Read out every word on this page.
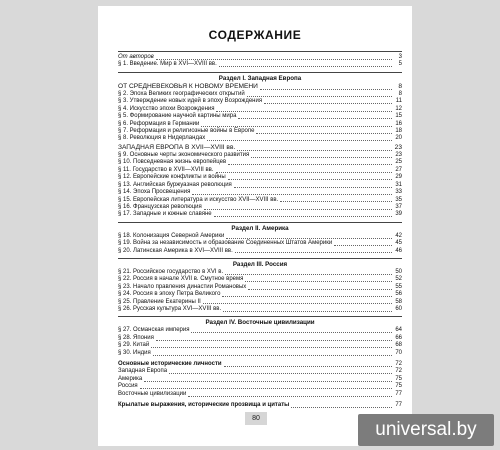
СОДЕРЖАНИЕ
От авторов	3
§ 1. Введение. Мир в XVI—XVIII вв.	5
Раздел I. Западная Европа
ОТ СРЕДНЕВЕКОВЬЯ К НОВОМУ ВРЕМЕНИ	8
§ 2. Эпоха Великих географических открытий	8
§ 3. Утверждение новых идей в эпоху Возрождения	11
§ 4. Искусство эпохи Возрождения	12
§ 5. Формирование научной картины мира	15
§ 6. Реформация в Германии	16
§ 7. Реформация и религиозные войны в Европе	18
§ 8. Революция в Нидерландах	20
ЗАПАДНАЯ ЕВРОПА В XVII—XVIII вв.	23
§ 9. Основные черты экономического развития	23
§ 10. Повседневная жизнь европейцев	25
§ 11. Государство в XVII—XVIII вв.	27
§ 12. Европейские конфликты и войны	29
§ 13. Английская буржуазная революция	31
§ 14. Эпоха Просвещения	33
§ 15. Европейская литература и искусство XVII—XVIII вв.	35
§ 16. Французская революция	37
§ 17. Западные и южные славяне	39
Раздел II. Америка
§ 18. Колонизация Северной Америки	42
§ 19. Война за независимость и образование Соединенных Штатов Америки	45
§ 20. Латинская Америка в XVI—XVIII вв.	46
Раздел III. Россия
§ 21. Российское государство в XVI в.	50
§ 22. Россия в начале XVII в. Смутное время	52
§ 23. Начало правления династии Романовых	55
§ 24. Россия в эпоху Петра Великого	56
§ 25. Правление Екатерины II	58
§ 26. Русская культура XVI—XVIII вв.	60
Раздел IV. Восточные цивилизации
§ 27. Османская империя	64
§ 28. Япония	66
§ 29. Китай	68
§ 30. Индия	70
Основные исторические личности	72
Западная Европа	72
Америка	75
Россия	75
Восточные цивилизации	77
Крылатые выражения, исторические прозвища и цитаты	77
80
universal.by
